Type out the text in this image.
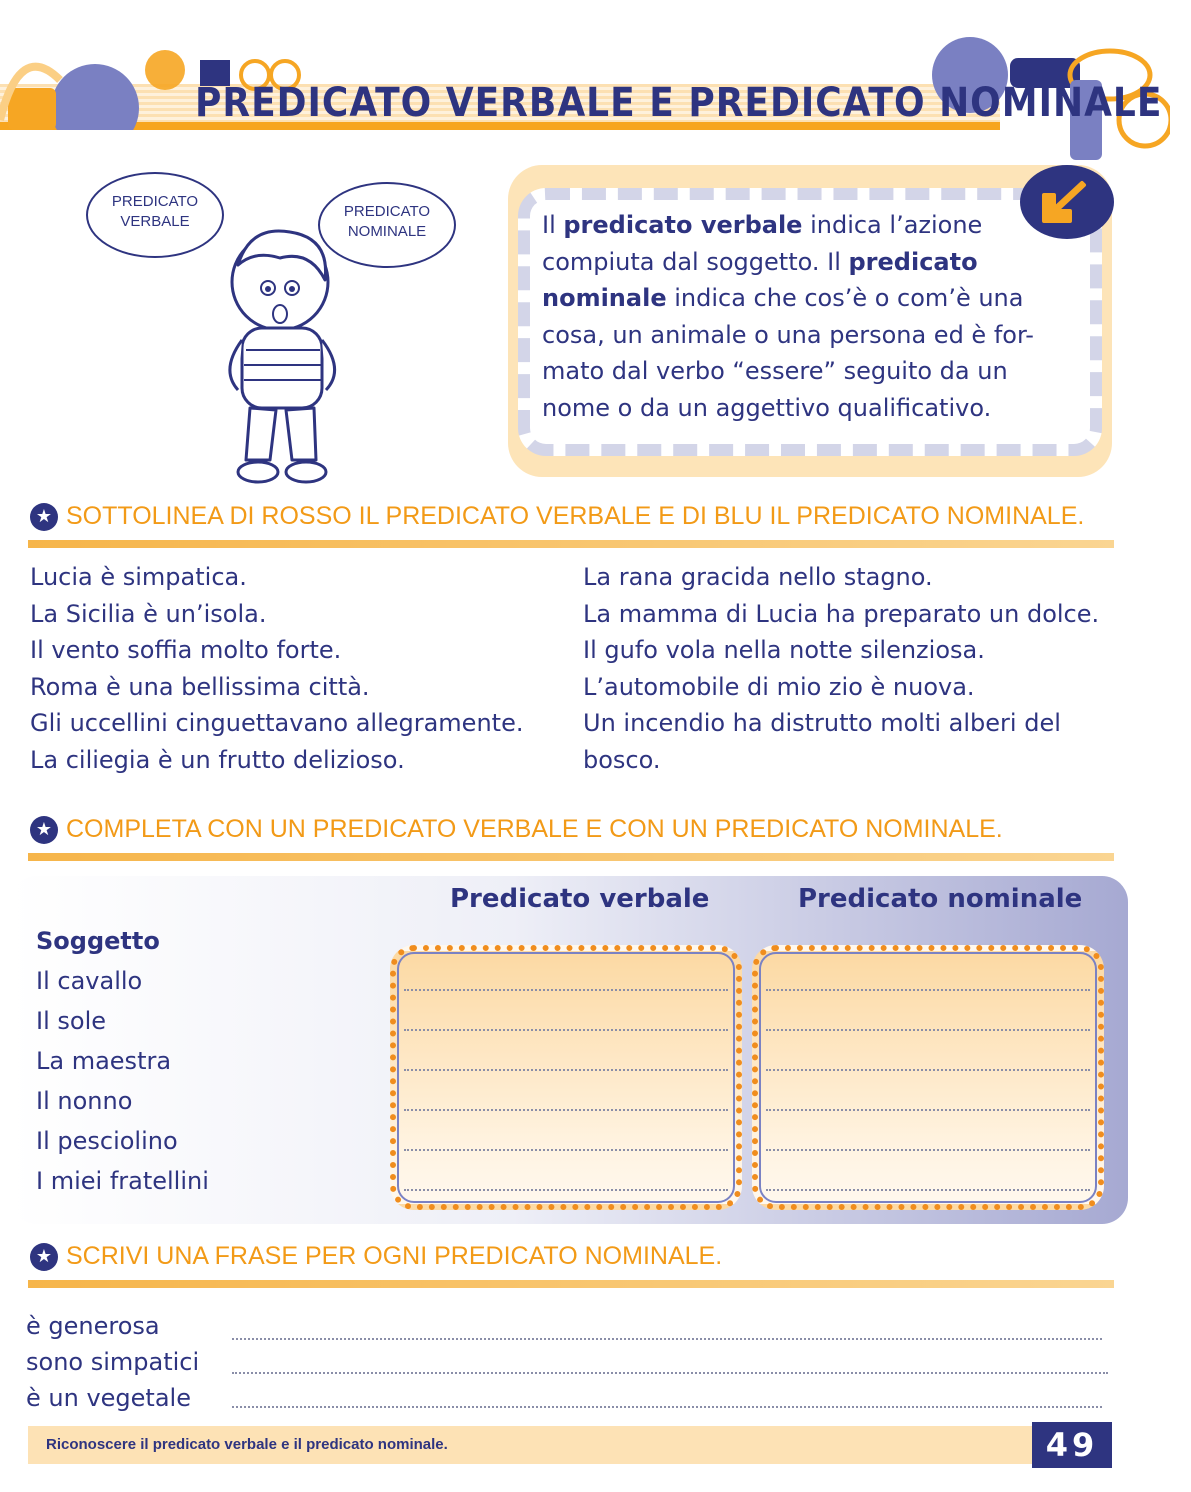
PREDICATO VERBALE E PREDICATO NOMINALE
PREDICATO VERBALE
PREDICATO NOMINALE	Il predicato verbale indica l’azione compiuta dal soggetto. Il predicato nominale indica che cos’è o com’è una cosa, un animale o una persona ed è for-mato dal verbo “essere” seguito da un nome o da un aggettivo qualificativo.
★ SOTTOLINEA DI ROSSO IL PREDICATO VERBALE E DI BLU IL PREDICATO NOMINALE.
Lucia è simpatica.
La Sicilia è un’isola.
Il vento soffia molto forte.
Roma è una bellissima città.
Gli uccellini cinguettavano allegramente.
La ciliegia è un frutto delizioso.
La rana gracida nello stagno.
La mamma di Lucia ha preparato un dolce.
Il gufo vola nella notte silenziosa.
L’automobile di mio zio è nuova.
Un incendio ha distrutto molti alberi del
bosco.
★ COMPLETA CON UN PREDICATO VERBALE E CON UN PREDICATO NOMINALE.
Predicato verbale	Predicato nominale
Soggetto
Il cavallo
Il sole
La maestra
Il nonno
Il pesciolino
I miei fratellini
★ SCRIVI UNA FRASE PER OGNI PREDICATO NOMINALE.
è generosa
sono simpatici
è un vegetale
Riconoscere il predicato verbale e il predicato nominale.	49
